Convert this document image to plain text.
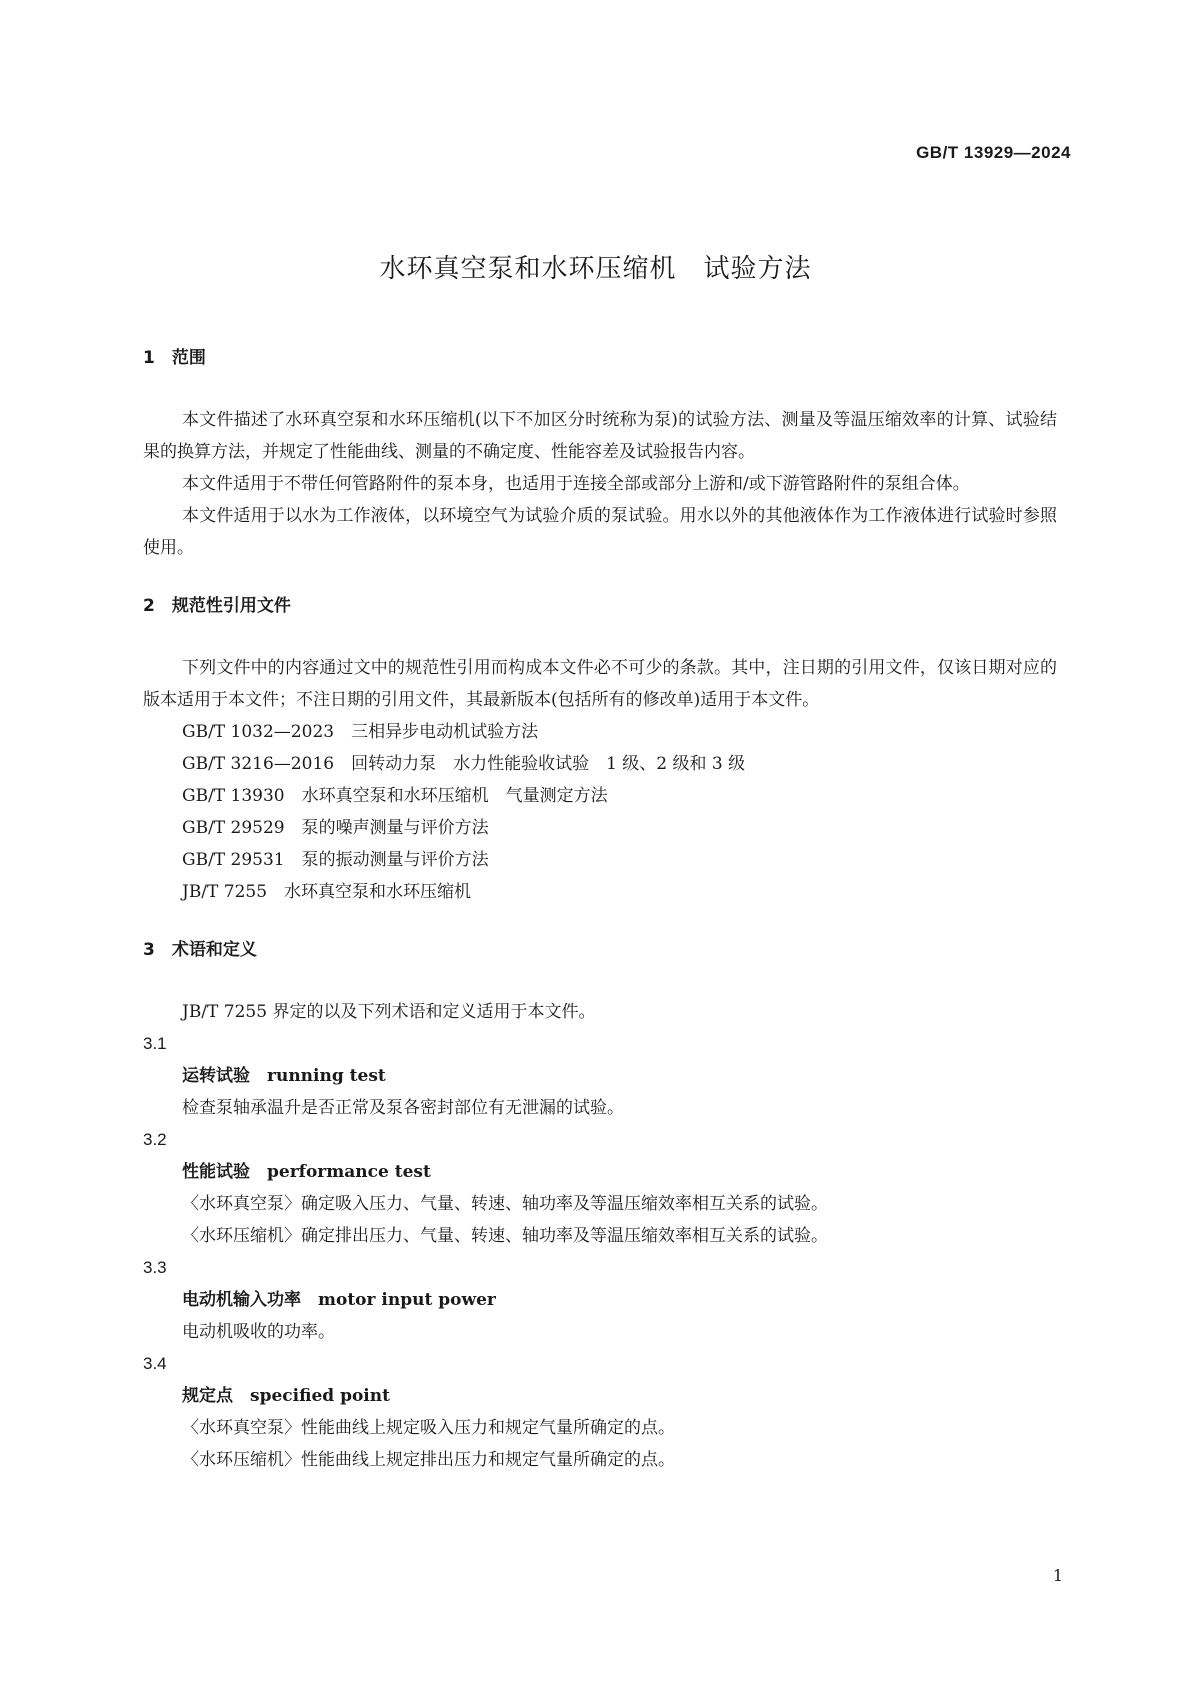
GB/T 13929—2024
水环真空泵和水环压缩机　试验方法
1　范围

本文件描述了水环真空泵和水环压缩机(以下不加区分时统称为泵)的试验方法、测量及等温压缩效率的计算、试验结果的换算方法，并规定了性能曲线、测量的不确定度、性能容差及试验报告内容。

本文件适用于不带任何管路附件的泵本身，也适用于连接全部或部分上游和/或下游管路附件的泵组合体。

本文件适用于以水为工作液体，以环境空气为试验介质的泵试验。用水以外的其他液体作为工作液体进行试验时参照使用。

2　规范性引用文件

下列文件中的内容通过文中的规范性引用而构成本文件必不可少的条款。其中，注日期的引用文件，仅该日期对应的版本适用于本文件；不注日期的引用文件，其最新版本(包括所有的修改单)适用于本文件。

GB/T 1032—2023　三相异步电动机试验方法
GB/T 3216—2016　回转动力泵　水力性能验收试验　1 级、2 级和 3 级
GB/T 13930　水环真空泵和水环压缩机　气量测定方法
GB/T 29529　泵的噪声测量与评价方法
GB/T 29531　泵的振动测量与评价方法
JB/T 7255　水环真空泵和水环压缩机
3　术语和定义

JB/T 7255 界定的以及下列术语和定义适用于本文件。

3.1
运转试验　running test
检查泵轴承温升是否正常及泵各密封部位有无泄漏的试验。
3.2
性能试验　performance test
〈水环真空泵〉确定吸入压力、气量、转速、轴功率及等温压缩效率相互关系的试验。
〈水环压缩机〉确定排出压力、气量、转速、轴功率及等温压缩效率相互关系的试验。
3.3
电动机输入功率　motor input power
电动机吸收的功率。
3.4
规定点　specified point
〈水环真空泵〉性能曲线上规定吸入压力和规定气量所确定的点。
〈水环压缩机〉性能曲线上规定排出压力和规定气量所确定的点。
1
